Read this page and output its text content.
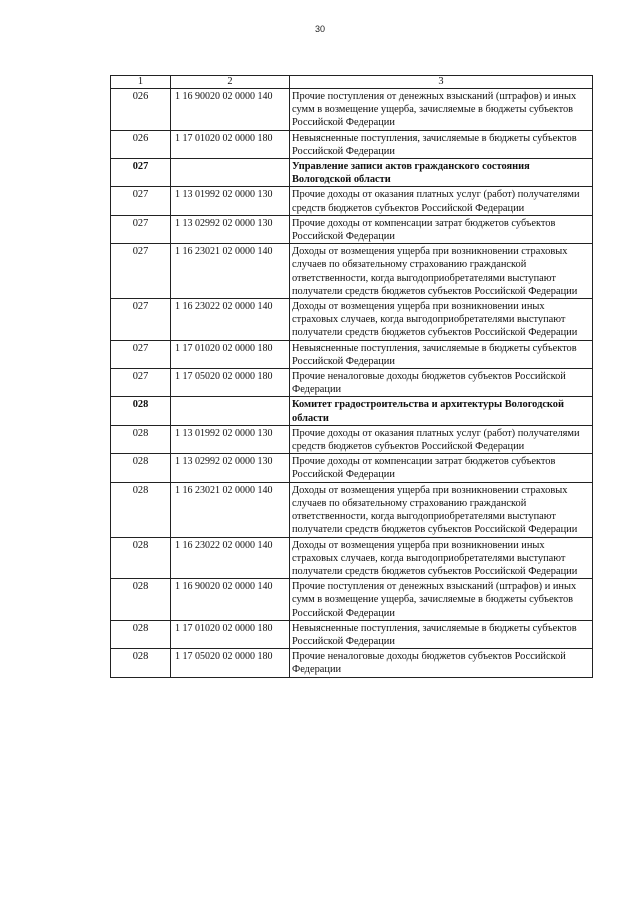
30
1	2	3
026	1 16 90020 02 0000 140	Прочие поступления от денежных взысканий (штрафов) и иных сумм в возмещение ущерба, зачисляемые в бюджеты субъектов Российской Федерации
026	1 17 01020 02 0000 180	Невыясненные поступления, зачисляемые в бюджеты субъектов Российской Федерации
027		Управление записи актов гражданского состояния Вологодской области
027	1 13 01992 02 0000 130	Прочие доходы от оказания платных услуг (работ) получателями средств бюджетов субъектов Российской Федерации
027	1 13 02992 02 0000 130	Прочие доходы от компенсации затрат бюджетов субъектов Российской Федерации
027	1 16 23021 02 0000 140	Доходы от возмещения ущерба при возникновении страховых случаев по обязательному страхованию гражданской ответственности, когда выгодоприобретателями выступают получатели средств бюджетов субъектов Российской Федерации
027	1 16 23022 02 0000 140	Доходы от возмещения ущерба при возникновении иных страховых случаев, когда выгодоприобретателями выступают получатели средств бюджетов субъектов Российской Федерации
027	1 17 01020 02 0000 180	Невыясненные поступления, зачисляемые в бюджеты субъектов Российской Федерации
027	1 17 05020 02 0000 180	Прочие неналоговые доходы бюджетов субъектов Российской Федерации
028		Комитет градостроительства и архитектуры Вологодской области
028	1 13 01992 02 0000 130	Прочие доходы от оказания платных услуг (работ) получателями средств бюджетов субъектов Российской Федерации
028	1 13 02992 02 0000 130	Прочие доходы от компенсации затрат бюджетов субъектов Российской Федерации
028	1 16 23021 02 0000 140	Доходы от возмещения ущерба при возникновении страховых случаев по обязательному страхованию гражданской ответственности, когда выгодоприобретателями выступают получатели средств бюджетов субъектов Российской Федерации
028	1 16 23022 02 0000 140	Доходы от возмещения ущерба при возникновении иных страховых случаев, когда выгодоприобретателями выступают получатели средств бюджетов субъектов Российской Федерации
028	1 16 90020 02 0000 140	Прочие поступления от денежных взысканий (штрафов) и иных сумм в возмещение ущерба, зачисляемые в бюджеты субъектов Российской Федерации
028	1 17 01020 02 0000 180	Невыясненные поступления, зачисляемые в бюджеты субъектов Российской Федерации
028	1 17 05020 02 0000 180	Прочие неналоговые доходы бюджетов субъектов Российской Федерации
